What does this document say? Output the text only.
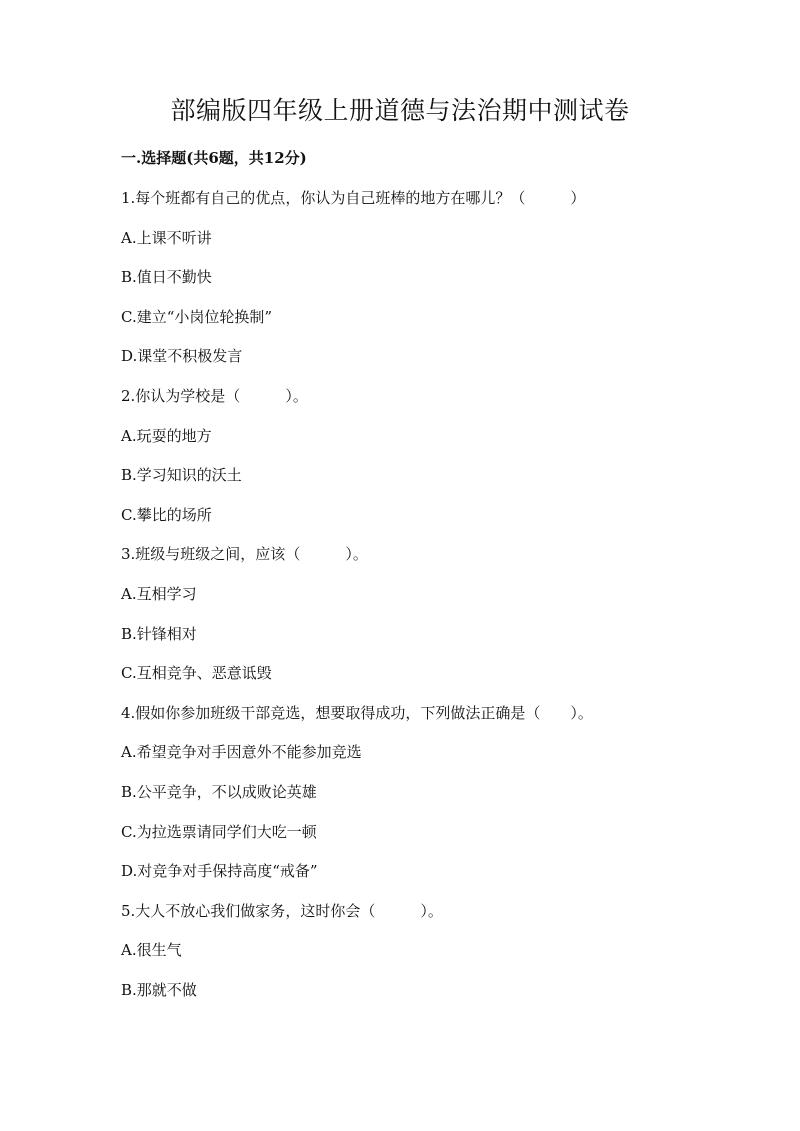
部编版四年级上册道德与法治期中测试卷
一.选择题(共6题，共12分)
1.每个班都有自己的优点，你认为自己班棒的地方在哪儿？（　　　）
A.上课不听讲
B.值日不勤快
C.建立“小岗位轮换制”
D.课堂不积极发言
2.你认为学校是（　　　）。
A.玩耍的地方
B.学习知识的沃土
C.攀比的场所
3.班级与班级之间，应该（　　　）。
A.互相学习
B.针锋相对
C.互相竞争、恶意诋毁
4.假如你参加班级干部竞选，想要取得成功，下列做法正确是（　　）。
A.希望竞争对手因意外不能参加竞选
B.公平竞争，不以成败论英雄
C.为拉选票请同学们大吃一顿
D.对竞争对手保持高度“戒备”
5.大人不放心我们做家务，这时你会（　　　）。
A.很生气
B.那就不做
